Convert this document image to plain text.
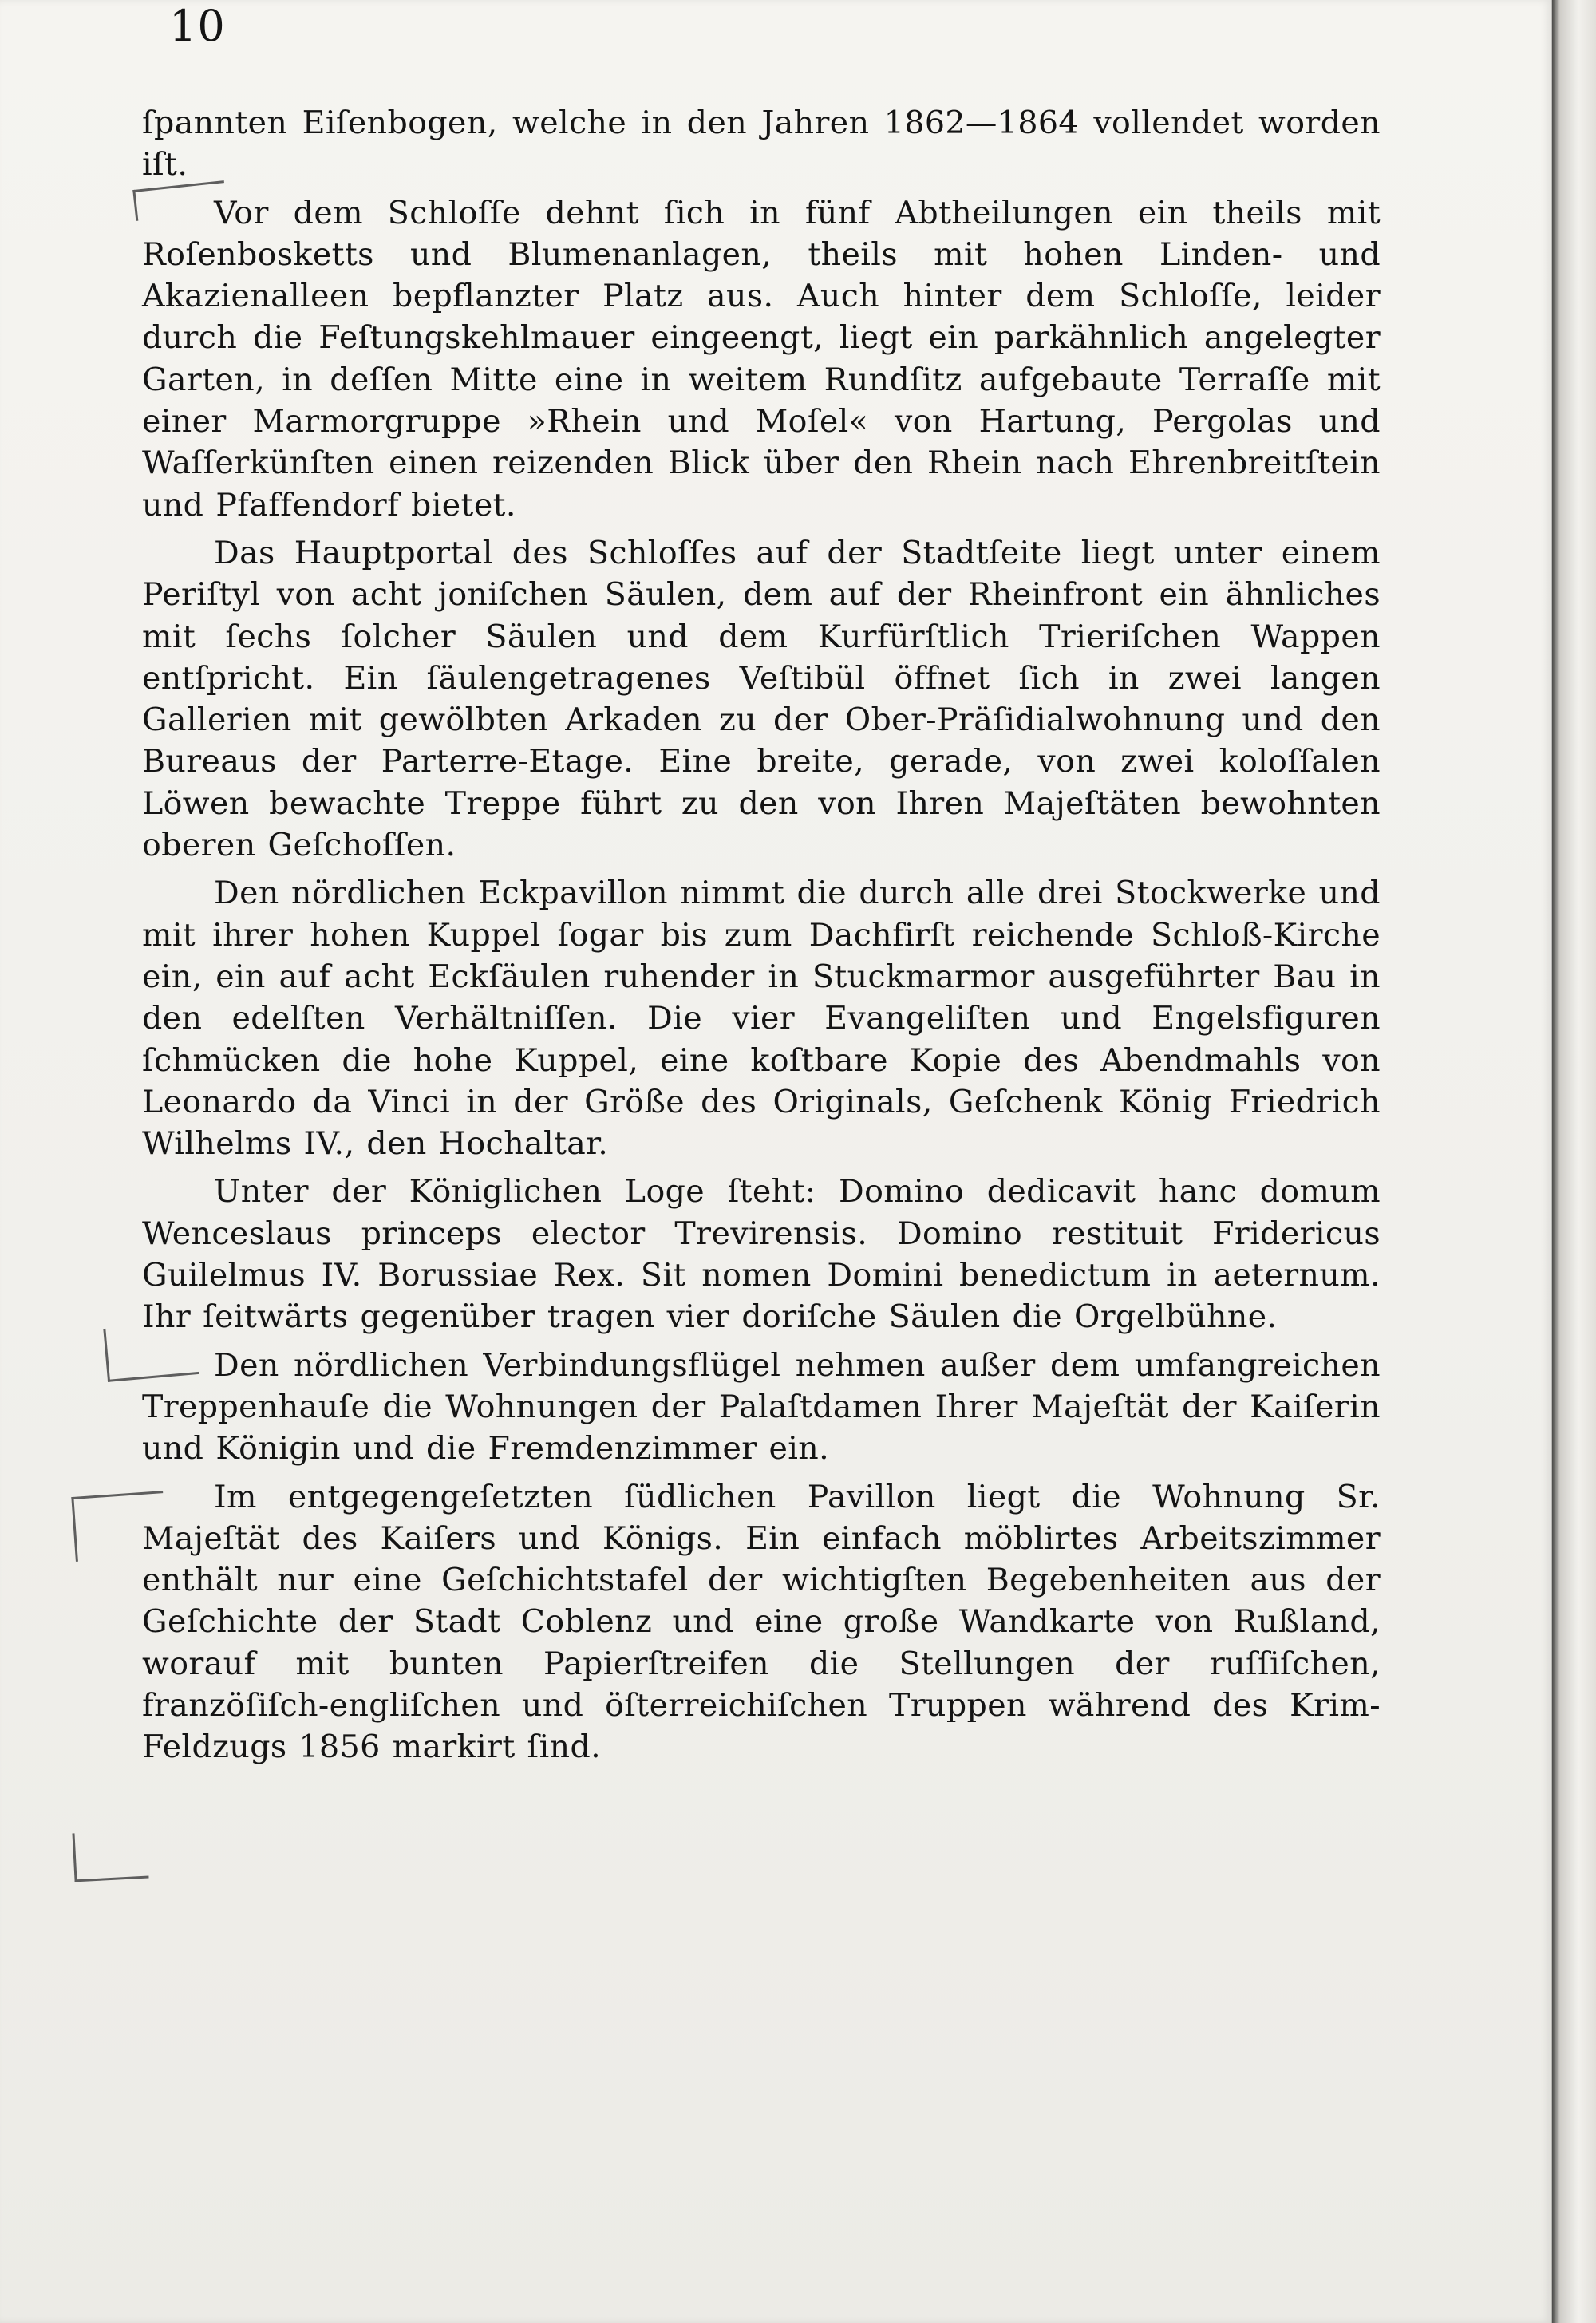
10

ſpannten Eiſenbogen, welche in den Jahren 1862—1864 vollendet worden iſt.

Vor dem Schloſſe dehnt ſich in fünf Abtheilungen ein theils mit Roſenbosketts und Blumenanlagen, theils mit hohen Linden- und Akazienalleen bepflanzter Platz aus. Auch hinter dem Schloſſe, leider durch die Feſtungskehlmauer eingeengt, liegt ein parkähnlich angelegter Garten, in deſſen Mitte eine in weitem Rundſitz aufgebaute Terraſſe mit einer Marmorgruppe »Rhein und Moſel« von Hartung, Pergolas und Waſſerkünſten einen reizenden Blick über den Rhein nach Ehrenbreitſtein und Pfaffendorf bietet.

Das Hauptportal des Schloſſes auf der Stadtſeite liegt unter einem Periſtyl von acht joniſchen Säulen, dem auf der Rheinfront ein ähnliches mit ſechs ſolcher Säulen und dem Kurfürſtlich Trieriſchen Wappen entſpricht. Ein ſäulengetragenes Veſtibül öffnet ſich in zwei langen Gallerien mit gewölbten Arkaden zu der Ober-Präſidialwohnung und den Bureaus der Parterre-Etage. Eine breite, gerade, von zwei koloſſalen Löwen bewachte Treppe führt zu den von Ihren Majeſtäten bewohnten oberen Geſchoſſen.

Den nördlichen Eckpavillon nimmt die durch alle drei Stockwerke und mit ihrer hohen Kuppel ſogar bis zum Dachfirſt reichende Schloß-Kirche ein, ein auf acht Eckſäulen ruhender in Stuckmarmor ausgeführter Bau in den edelſten Verhältniſſen. Die vier Evangeliſten und Engelsfiguren ſchmücken die hohe Kuppel, eine koſtbare Kopie des Abendmahls von Leonardo da Vinci in der Größe des Originals, Geſchenk König Friedrich Wilhelms IV., den Hochaltar.

Unter der Königlichen Loge ſteht: Domino dedicavit hanc domum Wenceslaus princeps elector Trevirensis. Domino restituit Fridericus Guilelmus IV. Borussiae Rex. Sit nomen Domini benedictum in aeternum. Ihr ſeitwärts gegenüber tragen vier doriſche Säulen die Orgelbühne.

Den nördlichen Verbindungsflügel nehmen außer dem umfangreichen Treppenhauſe die Wohnungen der Palaſtdamen Ihrer Majeſtät der Kaiſerin und Königin und die Fremdenzimmer ein.

Im entgegengeſetzten ſüdlichen Pavillon liegt die Wohnung Sr. Majeſtät des Kaiſers und Königs. Ein einfach möblirtes Arbeitszimmer enthält nur eine Geſchichtstafel der wichtigſten Begebenheiten aus der Geſchichte der Stadt Coblenz und eine große Wandkarte von Rußland, worauf mit bunten Papierſtreifen die Stellungen der ruſſiſchen, franzöſiſch-engliſchen und öſterreichiſchen Truppen während des Krim-Feldzugs 1856 markirt ſind.
